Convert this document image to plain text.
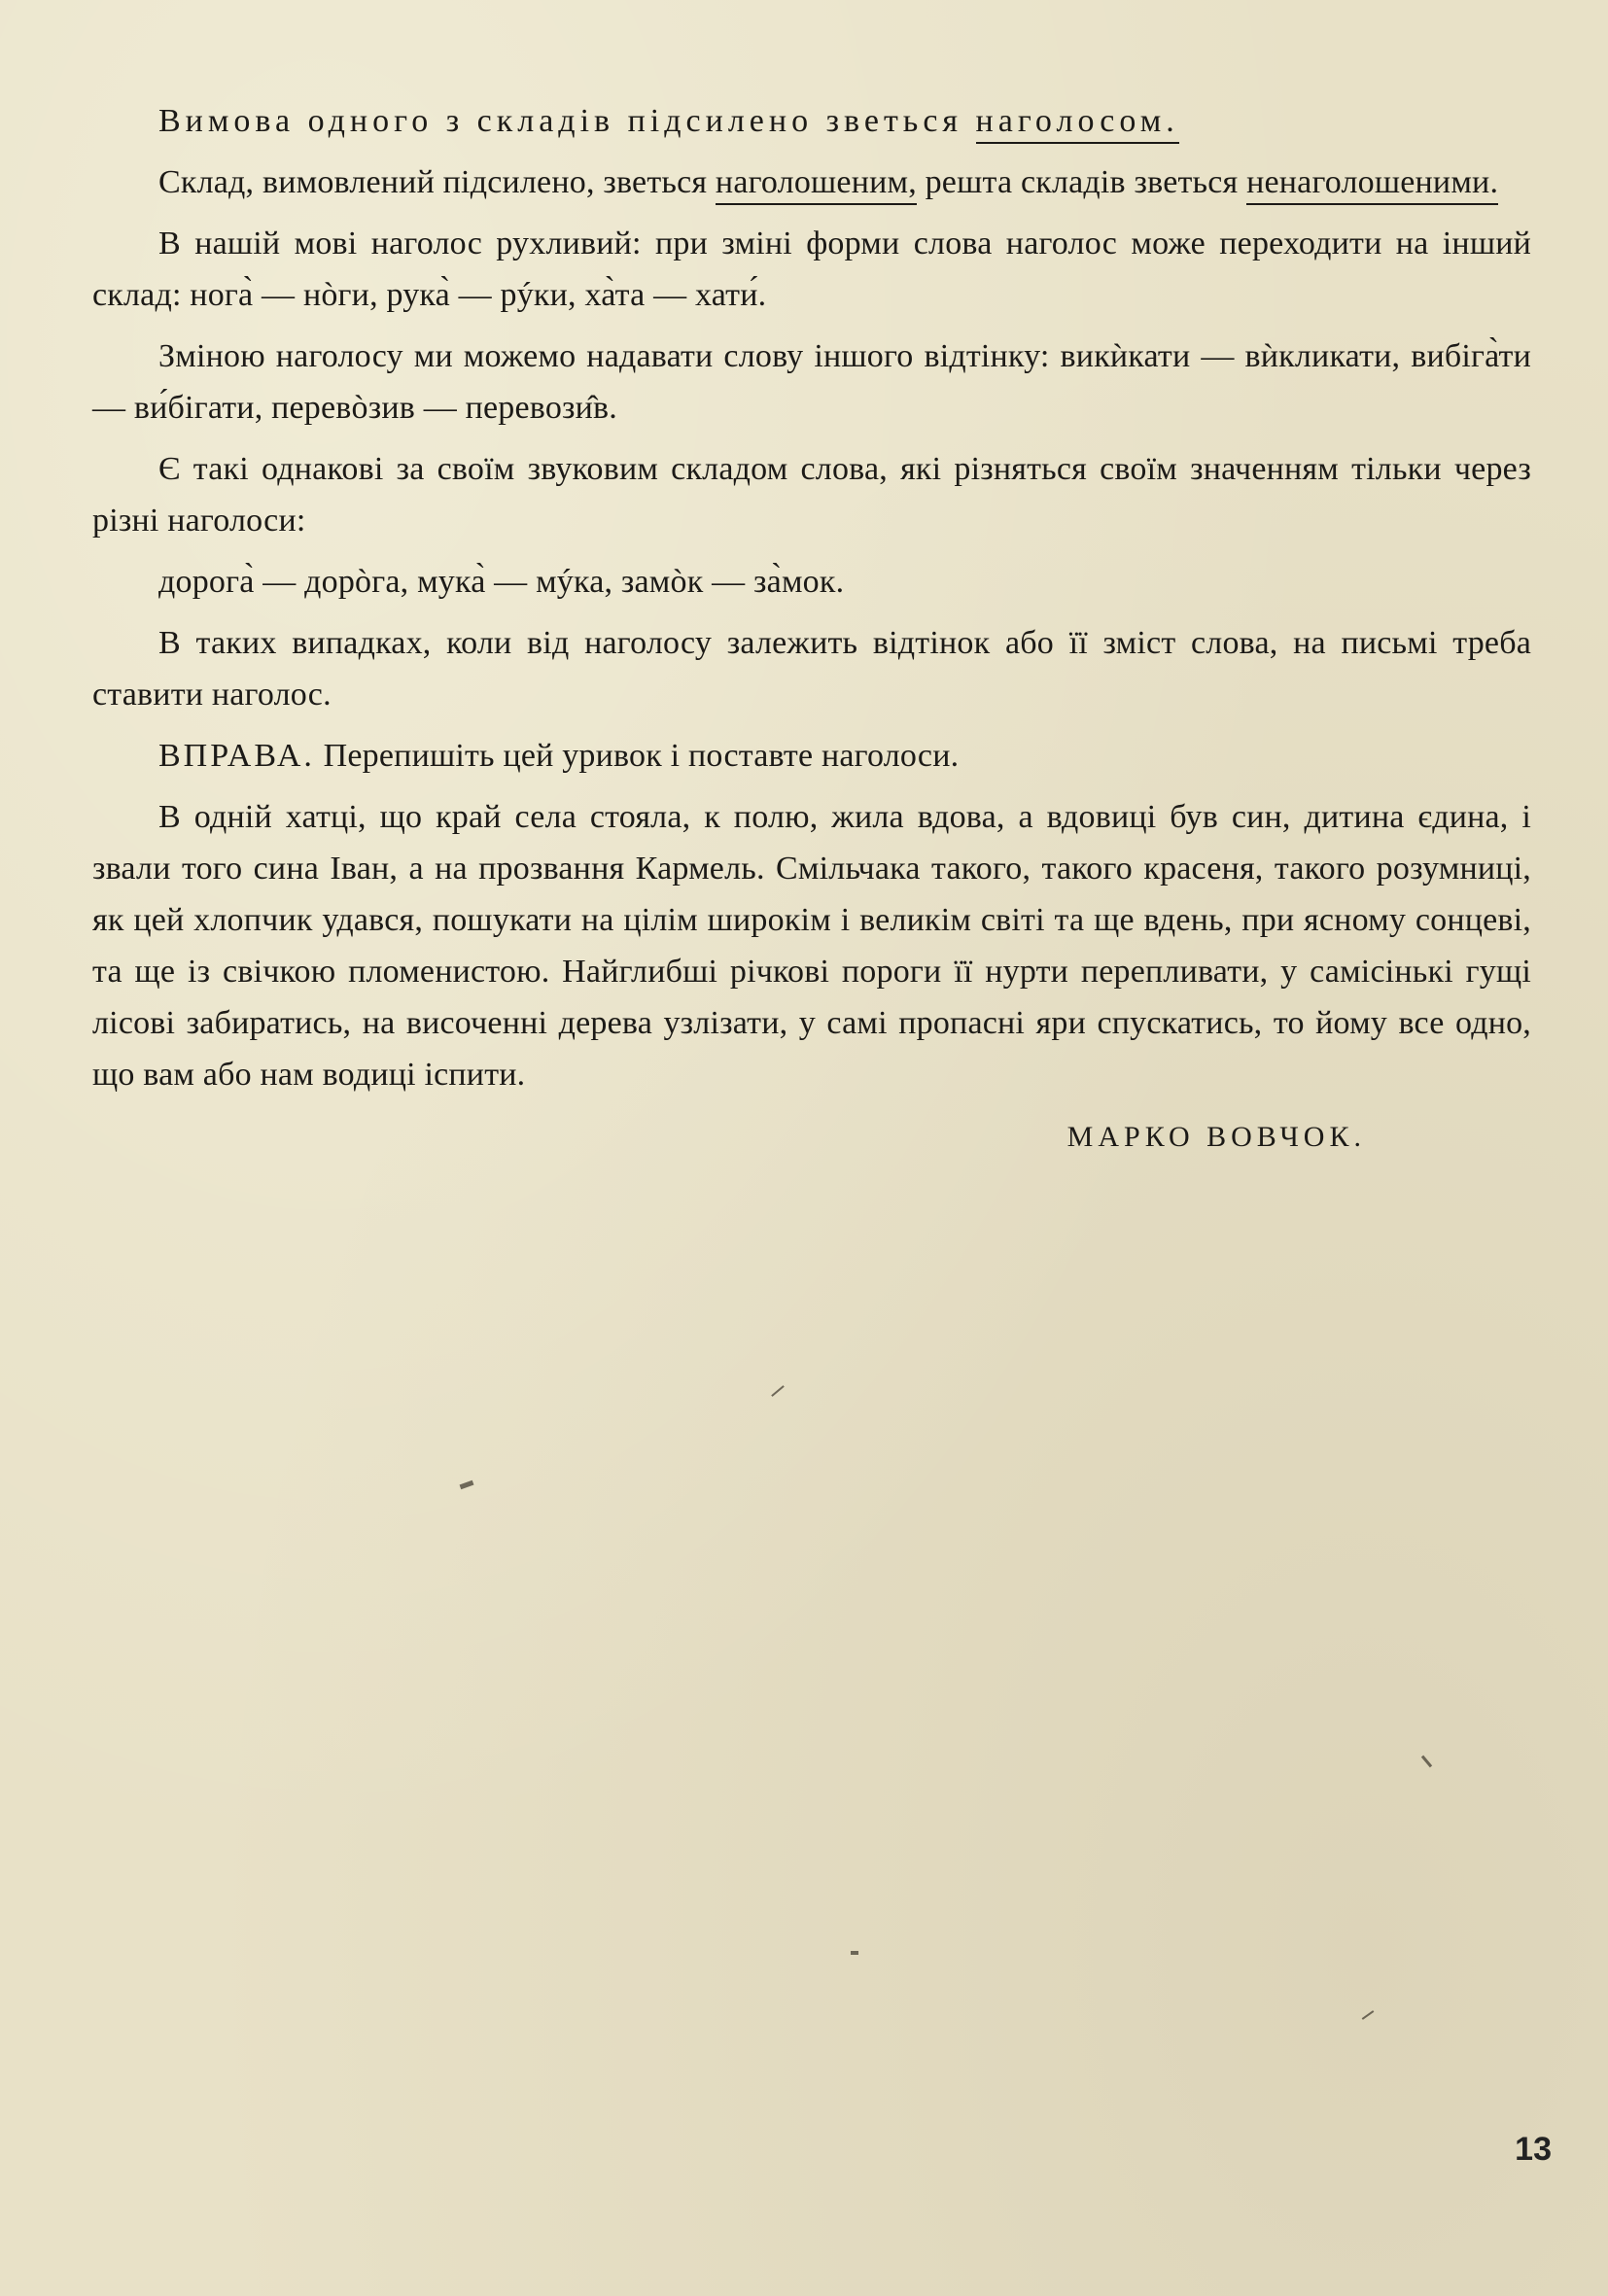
Вимова одного з складів підсилено зветься наголосом.

Склад, вимовлений підсилено, зветься наголошеним, решта складів зветься ненаголошеними.

В нашій мові наголос рухливий: при зміні форми слова наголос може переходити на інший склад: нога̀ — нòги, рука̀ — рýки, ха̀та — хати́.

Зміною наголосу ми можемо надавати слову іншого відтінку: викѝкати — вѝкликати, вибіга̀ти — ви́бігати, перевòзив — перевози̂в.

Є такі однакові за своїм звуковим складом слова, які різняться своїм значенням тільки через різні наголоси:

дорога̀ — дорòга, мука̀ — мýка, замòк — за̀мок.

В таких випадках, коли від наголосу залежить відтінок або її зміст слова, на письмі треба ставити наголос.

ВПРАВА. Перепишіть цей уривок і поставте наголоси.

В одній хатці, що край села стояла, к полю, жила вдова, а вдовиці був син, дитина єдина, і звали того сина Іван, а на прозвання Кармель. Смільчака такого, такого красеня, такого розумниці, як цей хлопчик удався, пошукати на цілім широкім і великім світі та ще вдень, при ясному сонцеві, та ще із свічкою пломенистою. Найглибші річкові пороги її нурти перепливати, у самісінькі гущі лісові забиратись, на височенні дерева узлізати, у самі пропасні яри спускатись, то йому все одно, що вам або нам водиці іспити.

МАРКО ВОВЧОК.

13
